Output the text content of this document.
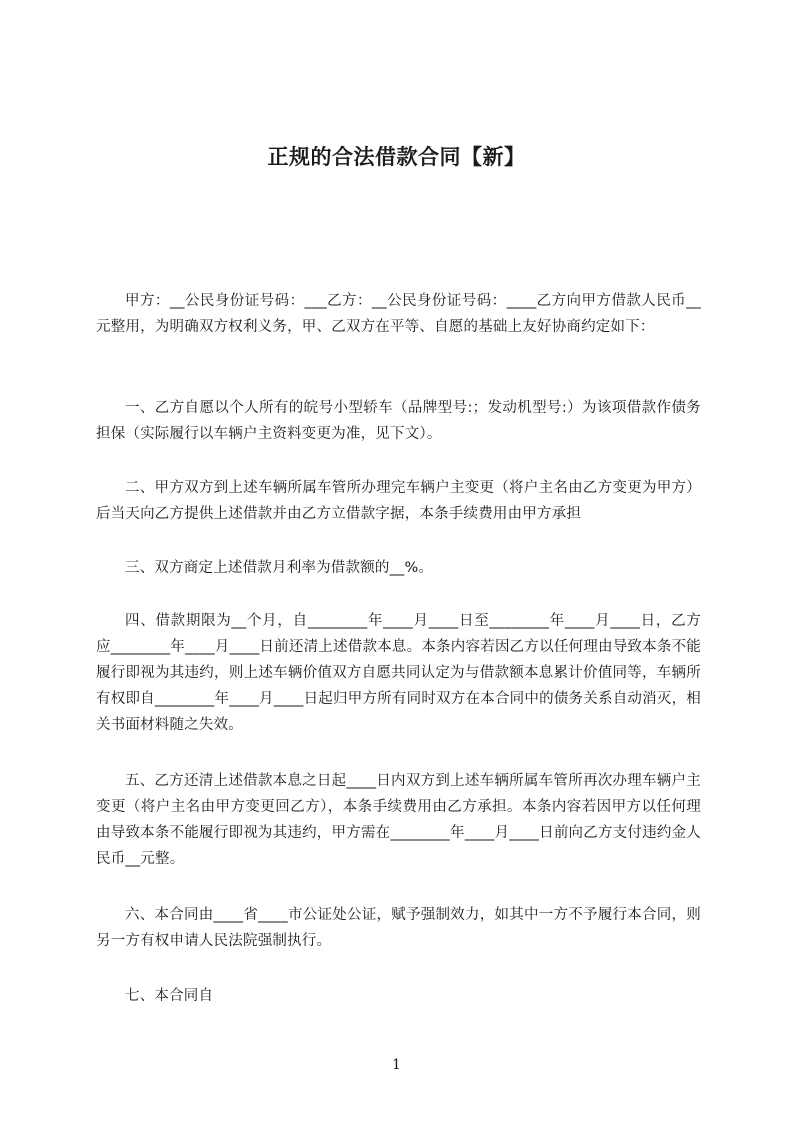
正规的合法借款合同【新】

甲方：__公民身份证号码：___乙方：__公民身份证号码：____乙方向甲方借款人民币__元整用，为明确双方权利义务，甲、乙双方在平等、自愿的基础上友好协商约定如下：

一、乙方自愿以个人所有的皖号小型轿车（品牌型号:；发动机型号:）为该项借款作债务担保（实际履行以车辆户主资料变更为准，见下文）。

二、甲方双方到上述车辆所属车管所办理完车辆户主变更（将户主名由乙方变更为甲方）后当天向乙方提供上述借款并由乙方立借款字据，本条手续费用由甲方承担

三、双方商定上述借款月利率为借款额的__%。

四、借款期限为__个月，自________年____月____日至________年____月____日，乙方应________年____月____日前还清上述借款本息。本条内容若因乙方以任何理由导致本条不能履行即视为其违约，则上述车辆价值双方自愿共同认定为与借款额本息累计价值同等，车辆所有权即自________年____月____日起归甲方所有同时双方在本合同中的债务关系自动消灭，相关书面材料随之失效。

五、乙方还清上述借款本息之日起____日内双方到上述车辆所属车管所再次办理车辆户主变更（将户主名由甲方变更回乙方），本条手续费用由乙方承担。本条内容若因甲方以任何理由导致本条不能履行即视为其违约，甲方需在________年____月____日前向乙方支付违约金人民币__元整。

六、本合同由____省____市公证处公证，赋予强制效力，如其中一方不予履行本合同，则另一方有权申请人民法院强制执行。

七、本合同自

1
